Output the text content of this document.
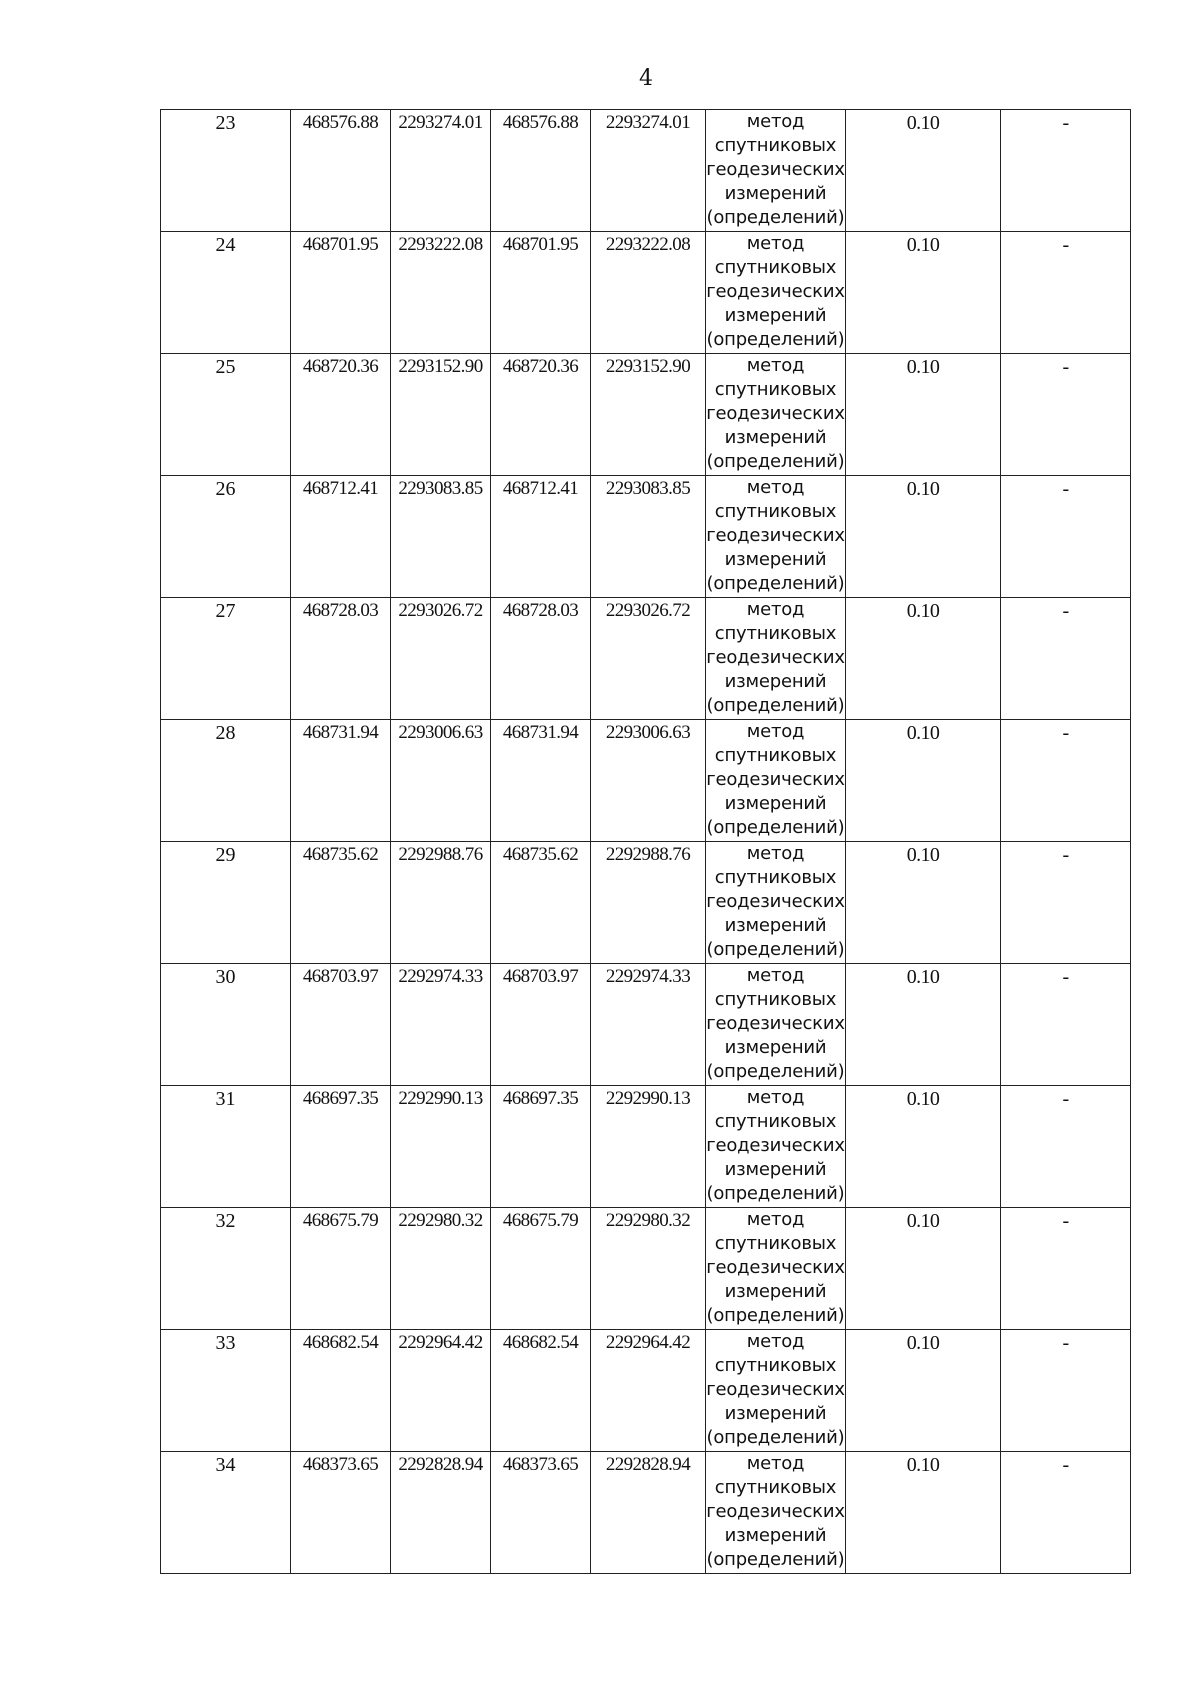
4
23	468576.88	2293274.01	468576.88	2293274.01	метод
спутниковых
геодезических
измерений
(определений)	0.10	-
24	468701.95	2293222.08	468701.95	2293222.08	метод
спутниковых
геодезических
измерений
(определений)	0.10	-
25	468720.36	2293152.90	468720.36	2293152.90	метод
спутниковых
геодезических
измерений
(определений)	0.10	-
26	468712.41	2293083.85	468712.41	2293083.85	метод
спутниковых
геодезических
измерений
(определений)	0.10	-
27	468728.03	2293026.72	468728.03	2293026.72	метод
спутниковых
геодезических
измерений
(определений)	0.10	-
28	468731.94	2293006.63	468731.94	2293006.63	метод
спутниковых
геодезических
измерений
(определений)	0.10	-
29	468735.62	2292988.76	468735.62	2292988.76	метод
спутниковых
геодезических
измерений
(определений)	0.10	-
30	468703.97	2292974.33	468703.97	2292974.33	метод
спутниковых
геодезических
измерений
(определений)	0.10	-
31	468697.35	2292990.13	468697.35	2292990.13	метод
спутниковых
геодезических
измерений
(определений)	0.10	-
32	468675.79	2292980.32	468675.79	2292980.32	метод
спутниковых
геодезических
измерений
(определений)	0.10	-
33	468682.54	2292964.42	468682.54	2292964.42	метод
спутниковых
геодезических
измерений
(определений)	0.10	-
34	468373.65	2292828.94	468373.65	2292828.94	метод
спутниковых
геодезических
измерений
(определений)	0.10	-
